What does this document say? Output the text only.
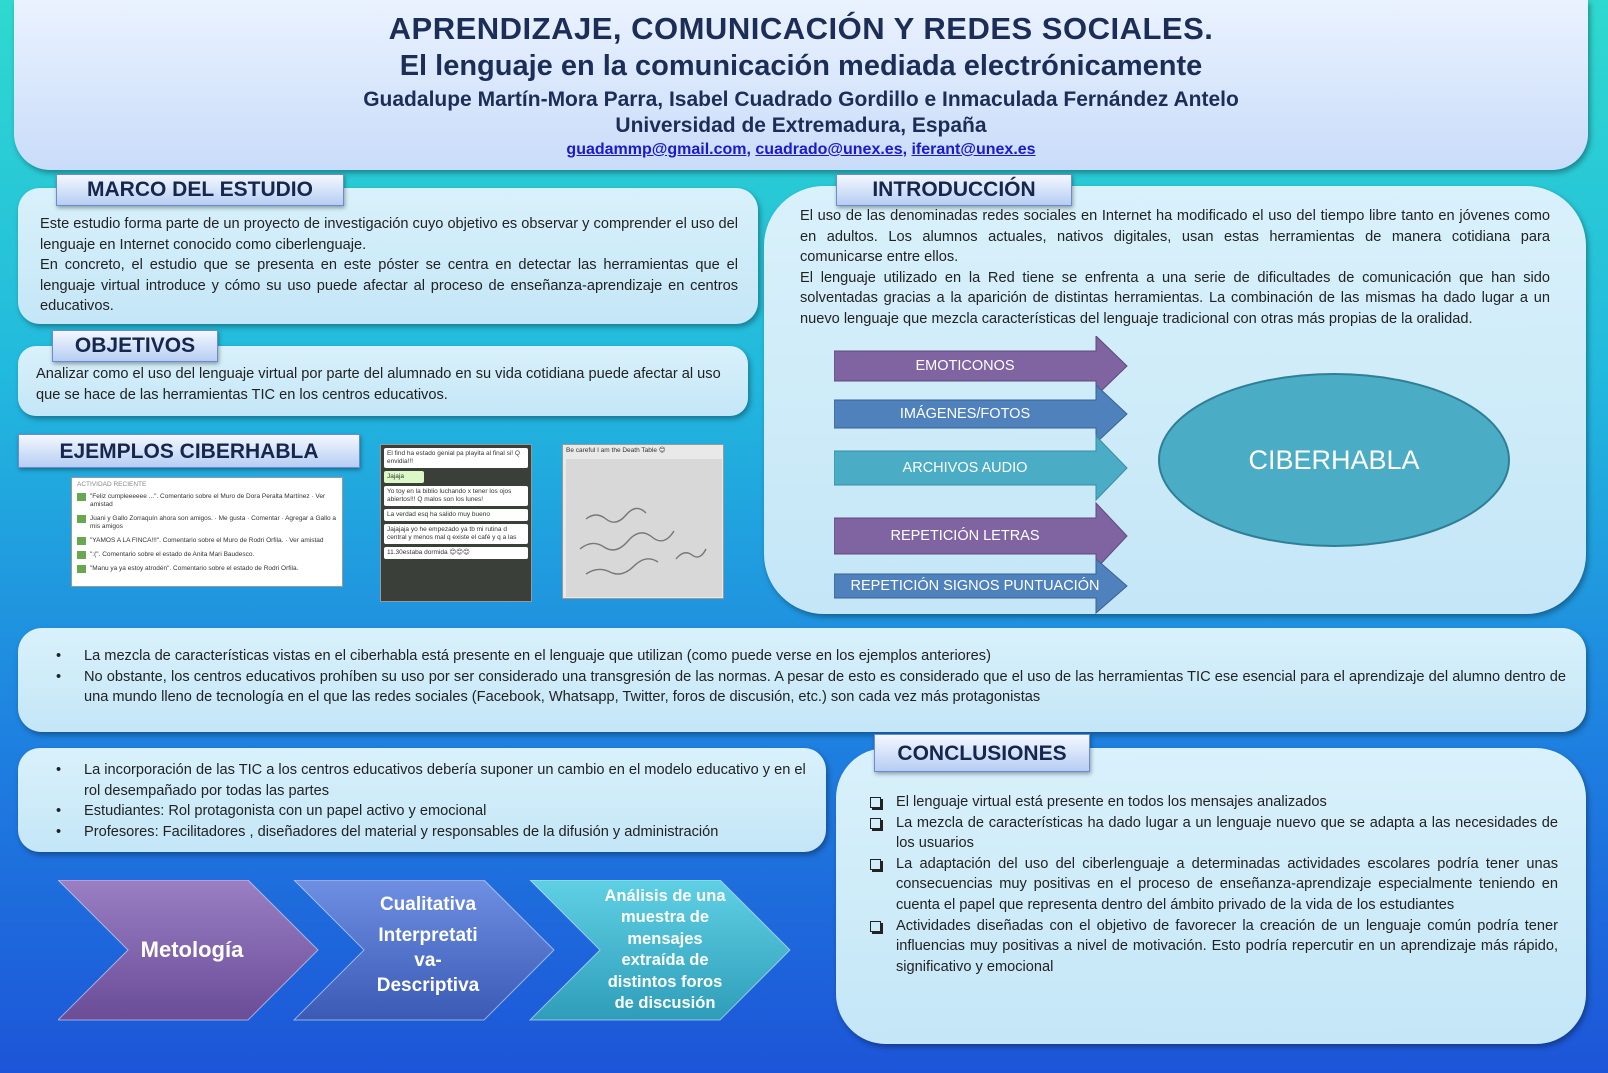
APRENDIZAJE, COMUNICACIÓN Y REDES SOCIALES.
El lenguaje en la comunicación mediada electrónicamente
Guadalupe Martín-Mora Parra, Isabel Cuadrado Gordillo e Inmaculada Fernández Antelo
Universidad de Extremadura, España
guadammp@gmail.com, cuadrado@unex.es, iferant@unex.es
Este estudio forma parte de un proyecto de investigación cuyo objetivo es observar y comprender el uso del lenguaje en Internet conocido como ciberlenguaje.
En concreto, el estudio que se presenta en este póster se centra en detectar las herramientas que el lenguaje virtual introduce y cómo su uso puede afectar al proceso de enseñanza-aprendizaje en centros educativos.
MARCO DEL ESTUDIO
Analizar como el uso del lenguaje virtual por parte del alumnado en su vida cotidiana puede afectar al uso que se hace de las herramientas TIC en los centros educativos.
OBJETIVOS
EJEMPLOS CIBERHABLA
ACTIVIDAD RECIENTE
"Feliz cumpleeeeee ...". Comentario sobre el Muro de Dora Peralta Martínez · Ver amistad
Juani y Gallo Zorraquín ahora son amigos. · Me gusta · Comentar · Agregar a Gallo a mis amigos
"YAMOS A LA FINCA!!!". Comentario sobre el Muro de Rodri Orfila. · Ver amistad
":(". Comentario sobre el estado de Anita Mari Baudesco.
"Manu ya ya estoy atrodén". Comentario sobre el estado de Rodri Orfila.
El find ha estado genial pa playita al final si! Q envidia!!!
Jajaja
Yo toy en la biblio luchando x tener los ojos abiertos!!! Q malos son los lunes!
La verdad esq ha salido muy bueno
Jajajaja yo he empezado ya tb mi rutina d central y menos mal q existe el café y q a las
11.30estaba dormida 😊😊😊
Be careful I am the Death Table 😊
El uso de las denominadas redes sociales en Internet ha modificado el uso del tiempo libre tanto en jóvenes como en adultos. Los alumnos actuales, nativos digitales, usan estas herramientas de manera cotidiana para comunicarse entre ellos.
El lenguaje utilizado en la Red tiene se enfrenta a una serie de dificultades de comunicación que han sido solventadas gracias a la aparición de distintas herramientas. La combinación de las mismas ha dado lugar a un nuevo lenguaje que mezcla características del lenguaje tradicional con otras más propias de la oralidad.
INTRODUCCIÓN
EMOTICONOS
IMÁGENES/FOTOS
ARCHIVOS AUDIO
REPETICIÓN LETRAS
REPETICIÓN SIGNOS PUNTUACIÓN
CIBERHABLA
• La mezcla de características vistas en el ciberhabla está presente en el lenguaje que utilizan (como puede verse en los ejemplos anteriores)
• No obstante, los centros educativos prohíben su uso por ser considerado una transgresión de las normas. A pesar de esto es considerado que el uso de las herramientas TIC ese esencial para el aprendizaje del alumno dentro de una mundo lleno de tecnología en el que las redes sociales (Facebook, Whatsapp, Twitter, foros de discusión, etc.) son cada vez más protagonistas
• La incorporación de las TIC a los centros educativos debería suponer un cambio en el modelo educativo y en el rol desempañado por todas las partes
• Estudiantes: Rol protagonista con un papel activo y emocional
• Profesores: Facilitadores , diseñadores del material y responsables de la difusión y administración
Metología
Cualitativa
Interpretati va- Descriptiva
Análisis de una muestra de mensajes extraída de distintos foros de discusión
El lenguaje virtual está presente en todos los mensajes analizados
La mezcla de características ha dado lugar a un lenguaje nuevo que se adapta a las necesidades de los usuarios
La adaptación del uso del ciberlenguaje a determinadas actividades escolares podría tener unas consecuencias muy positivas en el proceso de enseñanza-aprendizaje especialmente teniendo en cuenta el papel que representa dentro del ámbito privado de la vida de los estudiantes
Actividades diseñadas con el objetivo de favorecer la creación de un lenguaje común podría tener influencias muy positivas a nivel de motivación. Esto podría repercutir en un aprendizaje más rápido, significativo y emocional
CONCLUSIONES
